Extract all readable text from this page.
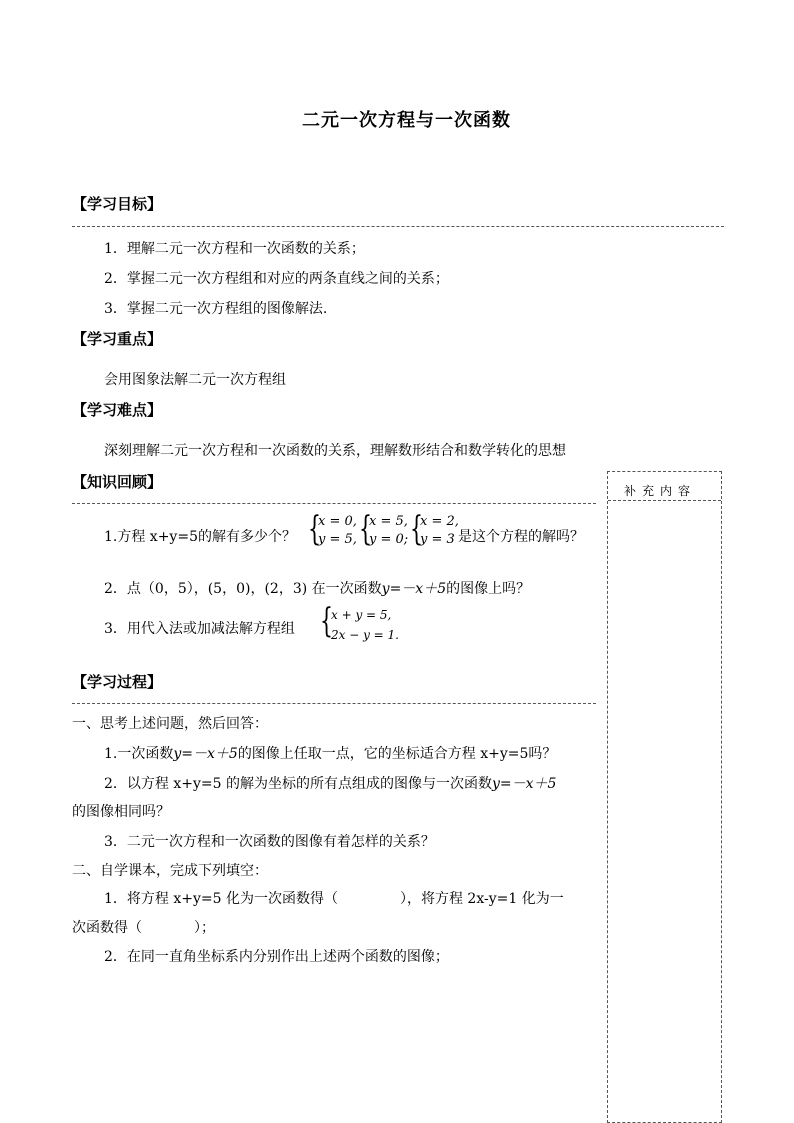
二元一次方程与一次函数
【学习目标】
1．理解二元一次方程和一次函数的关系；
2．掌握二元一次方程组和对应的两条直线之间的关系；
3．掌握二元一次方程组的图像解法.
【学习重点】
会用图象法解二元一次方程组
【学习难点】
深刻理解二元一次方程和一次函数的关系，理解数形结合和数学转化的思想
【知识回顾】
1.方程 x+y=5的解有多少个？ {
x = 0,
y = 5, {
x = 5,
y = 0; {
x = 2,
y = 3 是这个方程的解吗？
2．点（0，5），(5，0)，(2，3) 在一次函数y=－x＋5的图像上吗？
3．用代入法或加减法解方程组 {
x + y = 5,
2x − y = 1.
【学习过程】
一、思考上述问题，然后回答：
1.一次函数y=－x＋5的图像上任取一点，它的坐标适合方程 x+y=5吗？
2．以方程 x+y=5 的解为坐标的所有点组成的图像与一次函数y=－x＋5
的图像相同吗？
3．二元一次方程和一次函数的图像有着怎样的关系？
二、自学课本，完成下列填空：
1．将方程 x+y=5 化为一次函数得（	），将方程 2x-y=1 化为一
次函数得（	）；
2．在同一直角坐标系内分别作出上述两个函数的图像；
补充内容
